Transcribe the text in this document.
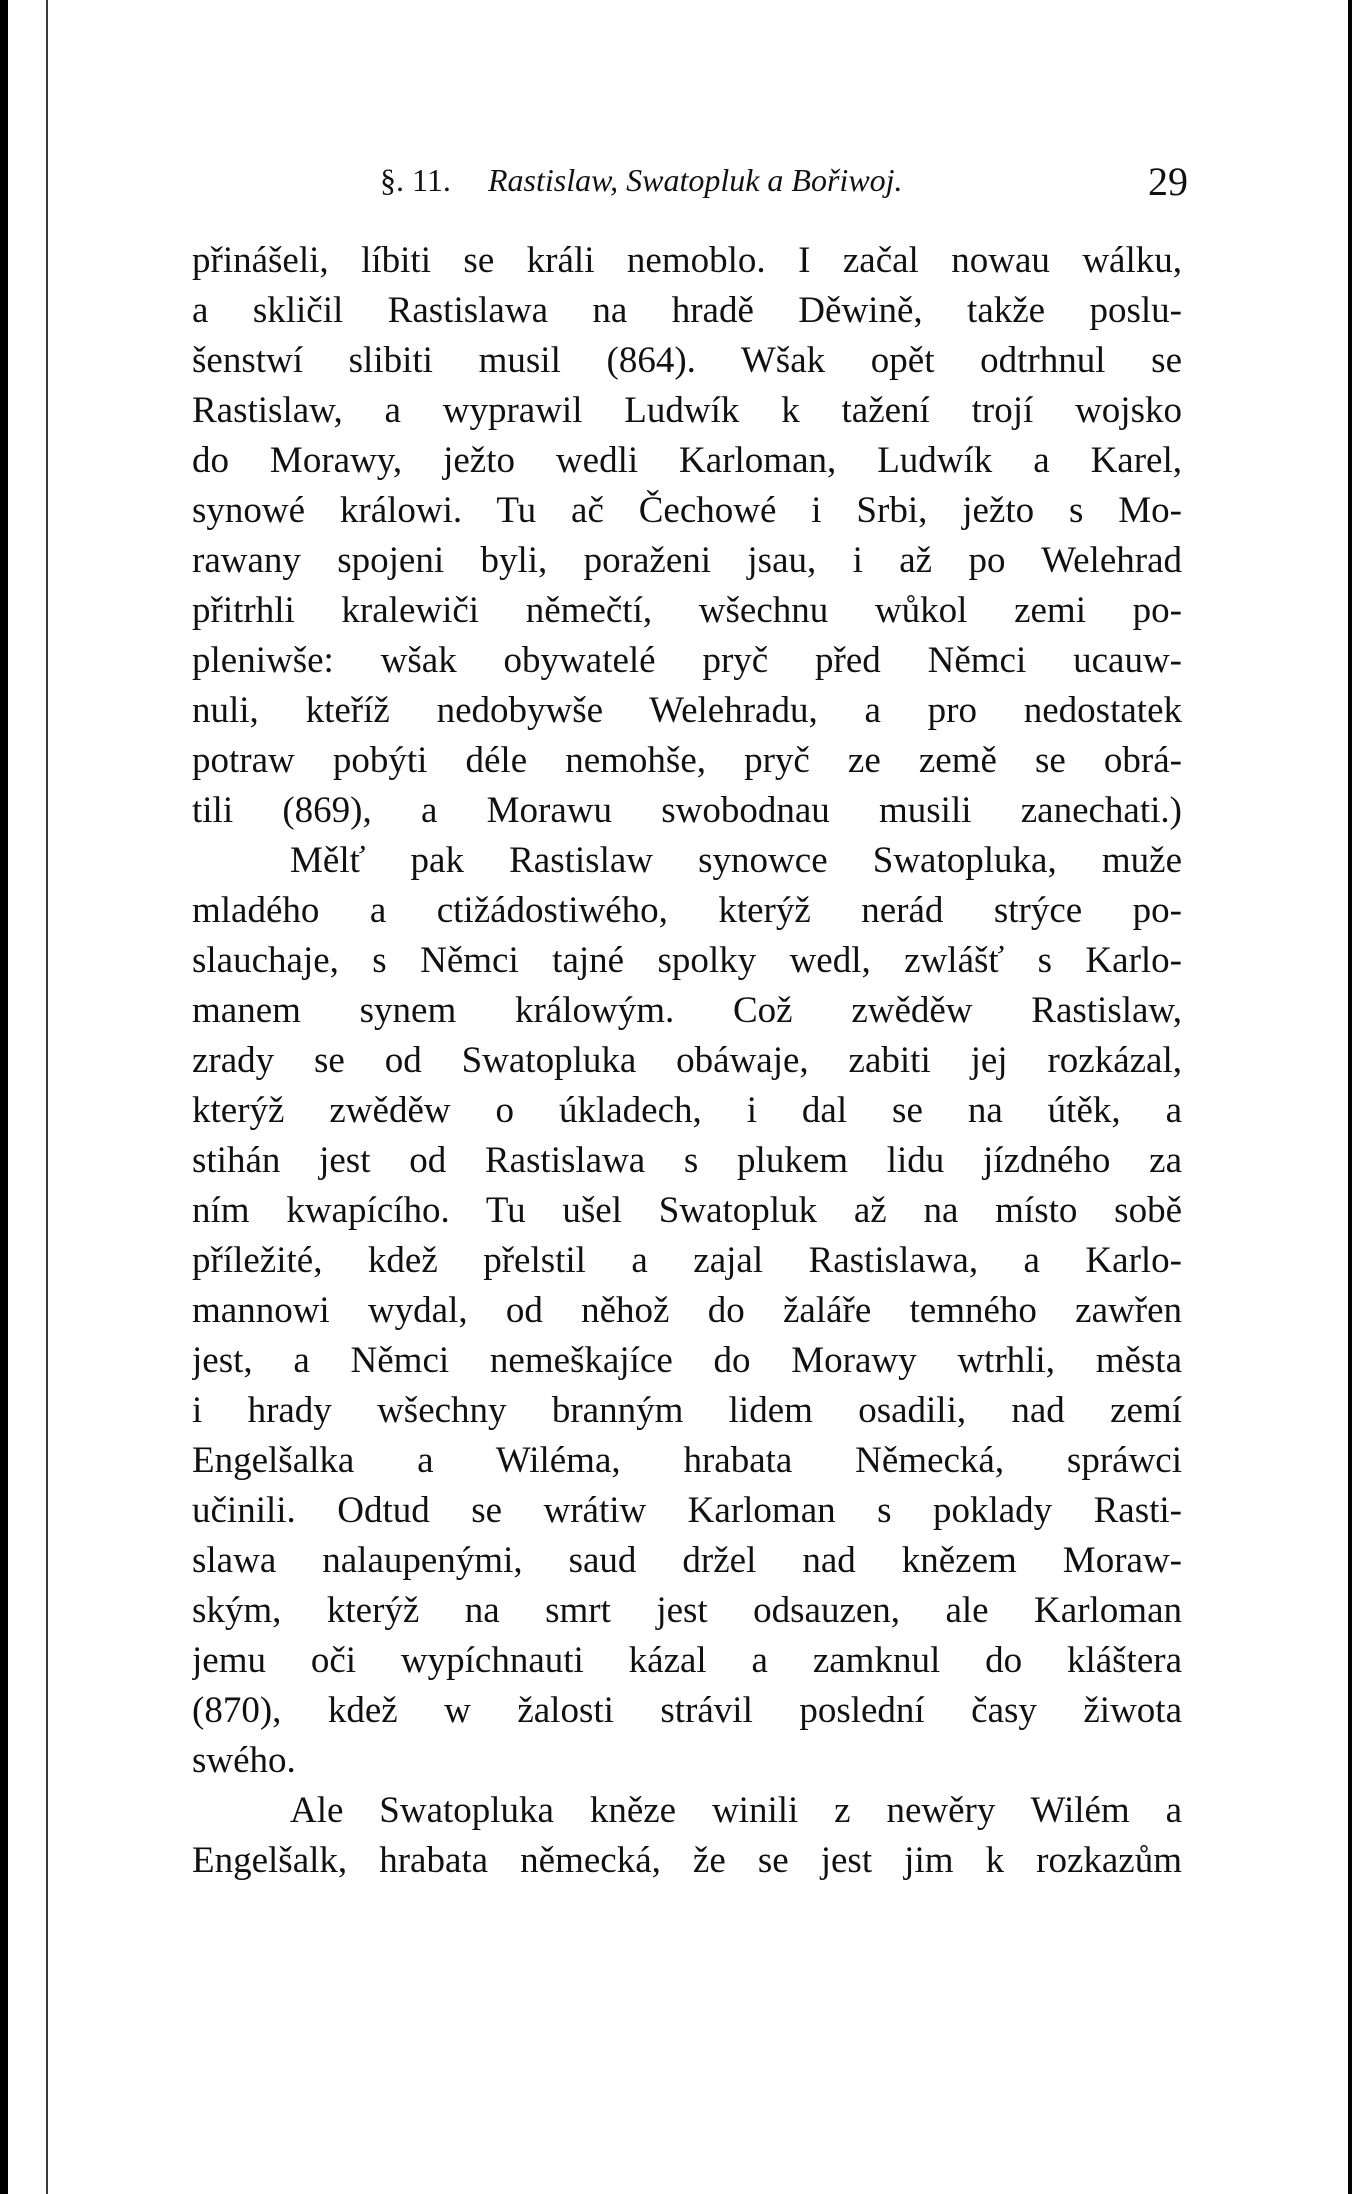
§. 11. Rastislaw, Swatopluk a Bořiwoj.	29
přinášeli, líbiti se králi nemoblo. I začal nowau wálku,
a skličil Rastislawa na hradě Děwině, takže poslu-
šenstwí slibiti musil (864). Wšak opět odtrhnul se
Rastislaw, a wyprawil Ludwík k tažení trojí wojsko
do Morawy, ježto wedli Karloman, Ludwík a Karel,
synowé králowi. Tu ač Čechowé i Srbi, ježto s Mo-
rawany spojeni byli, poraženi jsau, i až po Welehrad
přitrhli kralewiči němečtí, wšechnu wůkol zemi po-
pleniwše: wšak obywatelé pryč před Němci ucauw-
nuli, kteříž nedobywše Welehradu, a pro nedostatek
potraw pobýti déle nemohše, pryč ze země se obrá-
tili (869), a Morawu swobodnau musili zanechati.)
Mělť pak Rastislaw synowce Swatopluka, muže
mladého a ctižádostiwého, kterýž nerád strýce po-
slauchaje, s Němci tajné spolky wedl, zwlášť s Karlo-
manem synem králowým. Což zwěděw Rastislaw,
zrady se od Swatopluka obáwaje, zabiti jej rozkázal,
kterýž zwěděw o úkladech, i dal se na útěk, a
stihán jest od Rastislawa s plukem lidu jízdného za
ním kwapícího. Tu ušel Swatopluk až na místo sobě
příležité, kdež přelstil a zajal Rastislawa, a Karlo-
mannowi wydal, od něhož do žaláře temného zawřen
jest, a Němci nemeškajíce do Morawy wtrhli, města
i hrady wšechny branným lidem osadili, nad zemí
Engelšalka a Wiléma, hrabata Německá, spráwci
učinili. Odtud se wrátiw Karloman s poklady Rasti-
slawa nalaupenými, saud držel nad knězem Moraw-
ským, kterýž na smrt jest odsauzen, ale Karloman
jemu oči wypíchnauti kázal a zamknul do kláštera
(870), kdež w žalosti strávil poslední časy žiwota
swého.
Ale Swatopluka kněze winili z newěry Wilém a
Engelšalk, hrabata německá, že se jest jim k rozkazům
